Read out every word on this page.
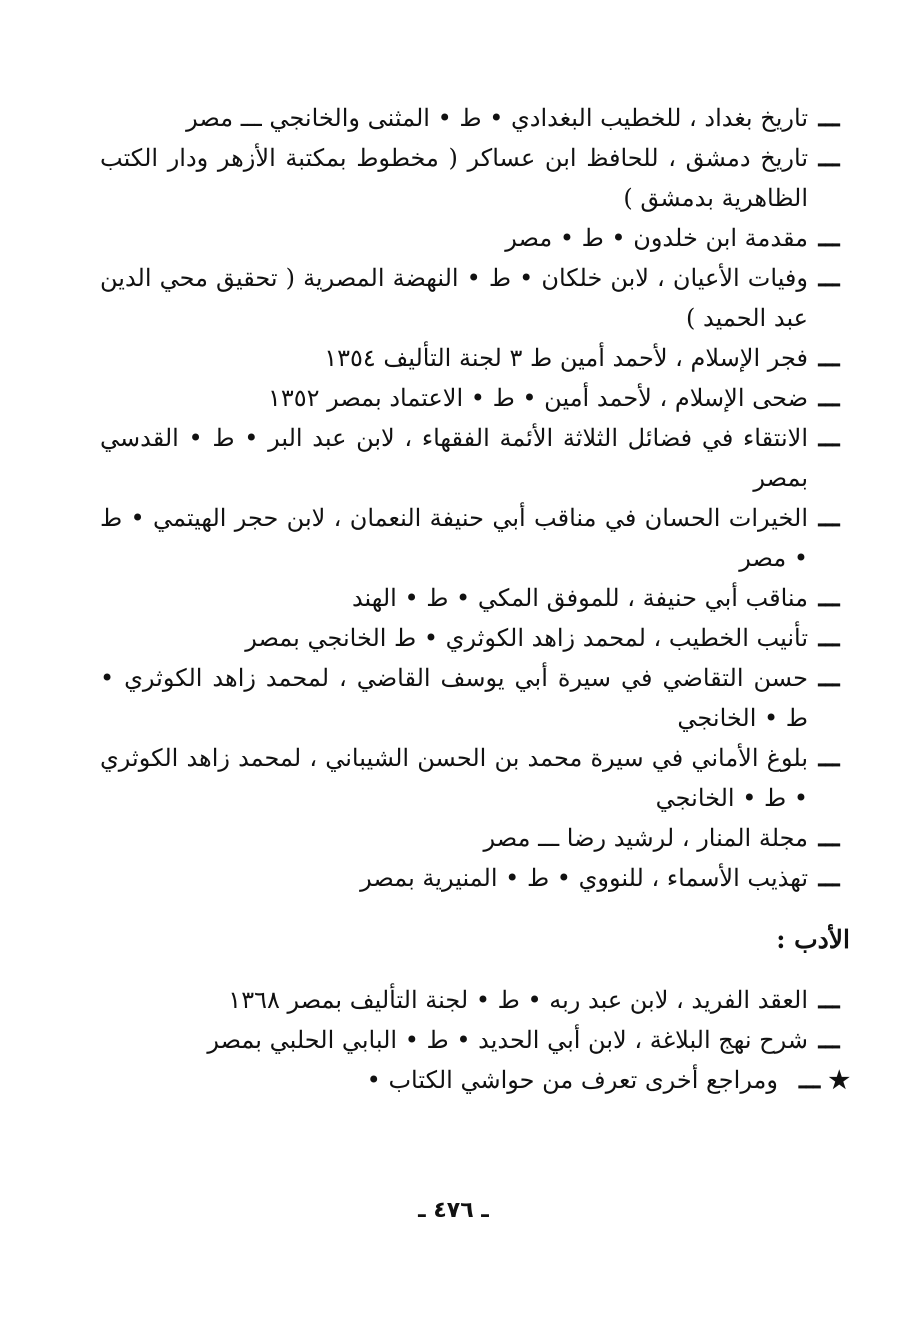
ـــ
تاريخ بغداد ، للخطيب البغدادي • ط • المثنى والخانجي ـــ مصر
ـــ
تاريخ دمشق ، للحافظ ابن عساكر ( مخطوط بمكتبة الأزهر ودار الكتب الظاهرية بدمشق )
ـــ
مقدمة ابن خلدون • ط • مصر
ـــ
وفيات الأعيان ، لابن خلكان • ط • النهضة المصرية ( تحقيق محي الدين عبد الحميد )
ـــ
فجر الإسلام ، لأحمد أمين ط ٣ لجنة التأليف ١٣٥٤
ـــ
ضحى الإسلام ، لأحمد أمين • ط • الاعتماد بمصر ١٣٥٢
ـــ
الانتقاء في فضائل الثلاثة الأئمة الفقهاء ، لابن عبد البر • ط • القدسي بمصر
ـــ
الخيرات الحسان في مناقب أبي حنيفة النعمان ، لابن حجر الهيتمي • ط • مصر
ـــ
مناقب أبي حنيفة ، للموفق المكي • ط • الهند
ـــ
تأنيب الخطيب ، لمحمد زاهد الكوثري • ط الخانجي بمصر
ـــ
حسن التقاضي في سيرة أبي يوسف القاضي ، لمحمد زاهد الكوثري • ط • الخانجي
ـــ
بلوغ الأماني في سيرة محمد بن الحسن الشيباني ، لمحمد زاهد الكوثري • ط • الخانجي
ـــ
مجلة المنار ، لرشيد رضا ـــ مصر
ـــ
تهذيب الأسماء ، للنووي • ط • المنيرية بمصر
الأدب :
ـــ
العقد الفريد ، لابن عبد ربه • ط • لجنة التأليف بمصر ١٣٦٨
ـــ
شرح نهج البلاغة ، لابن أبي الحديد • ط • البابي الحلبي بمصر
★ ـــ
ومراجع أخرى تعرف من حواشي الكتاب •
ـ ٤٧٦ ـ
